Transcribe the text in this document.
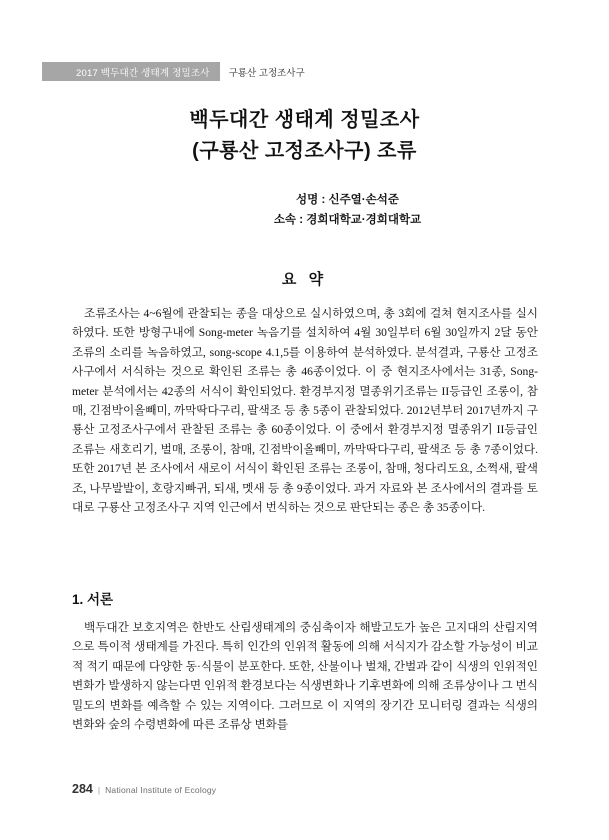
2017 백두대간 생태계 정밀조사	구룡산 고정조사구
백두대간 생태계 정밀조사
(구룡산 고정조사구) 조류
성명 : 신주열·손석준
소속 : 경희대학교·경희대학교
요 약

조류조사는 4~6월에 관찰되는 종을 대상으로 실시하였으며, 총 3회에 걸쳐 현지조사를 실시하였다. 또한 방형구내에 Song-meter 녹음기를 설치하여 4월 30일부터 6월 30일까지 2달 동안 조류의 소리를 녹음하였고, song-scope 4.1,5를 이용하여 분석하였다. 분석결과, 구룡산 고정조사구에서 서식하는 것으로 확인된 조류는 총 46종이었다. 이 중 현지조사에서는 31종, Song-meter 분석에서는 42종의 서식이 확인되었다. 환경부지정 멸종위기조류는 II등급인 조롱이, 참매, 긴점박이올빼미, 까막딱다구리, 팔색조 등 총 5종이 관찰되었다. 2012년부터 2017년까지 구룡산 고정조사구에서 관찰된 조류는 총 60종이었다. 이 중에서 환경부지정 멸종위기 II등급인 조류는 새호리기, 벌매, 조롱이, 참매, 긴점박이올빼미, 까막딱다구리, 팔색조 등 총 7종이었다. 또한 2017년 본 조사에서 새로이 서식이 확인된 조류는 조롱이, 참매, 청다리도요, 소쩍새, 팔색조, 나무발발이, 호랑지빠귀, 되새, 멧새 등 총 9종이었다. 과거 자료와 본 조사에서의 결과를 토대로 구룡산 고정조사구 지역 인근에서 번식하는 것으로 판단되는 종은 총 35종이다.

1. 서론

백두대간 보호지역은 한반도 산림생태계의 중심축이자 해발고도가 높은 고지대의 산림지역으로 특이적 생태계를 가진다. 특히 인간의 인위적 활동에 의해 서식지가 감소할 가능성이 비교적 적기 때문에 다양한 동·식물이 분포한다. 또한, 산불이나 벌채, 간벌과 같이 식생의 인위적인 변화가 발생하지 않는다면 인위적 환경보다는 식생변화나 기후변화에 의해 조류상이나 그 번식밀도의 변화를 예측할 수 있는 지역이다. 그러므로 이 지역의 장기간 모니터링 결과는 식생의 변화와 숲의 수령변화에 따른 조류상 변화를

284 | National Institute of Ecology
